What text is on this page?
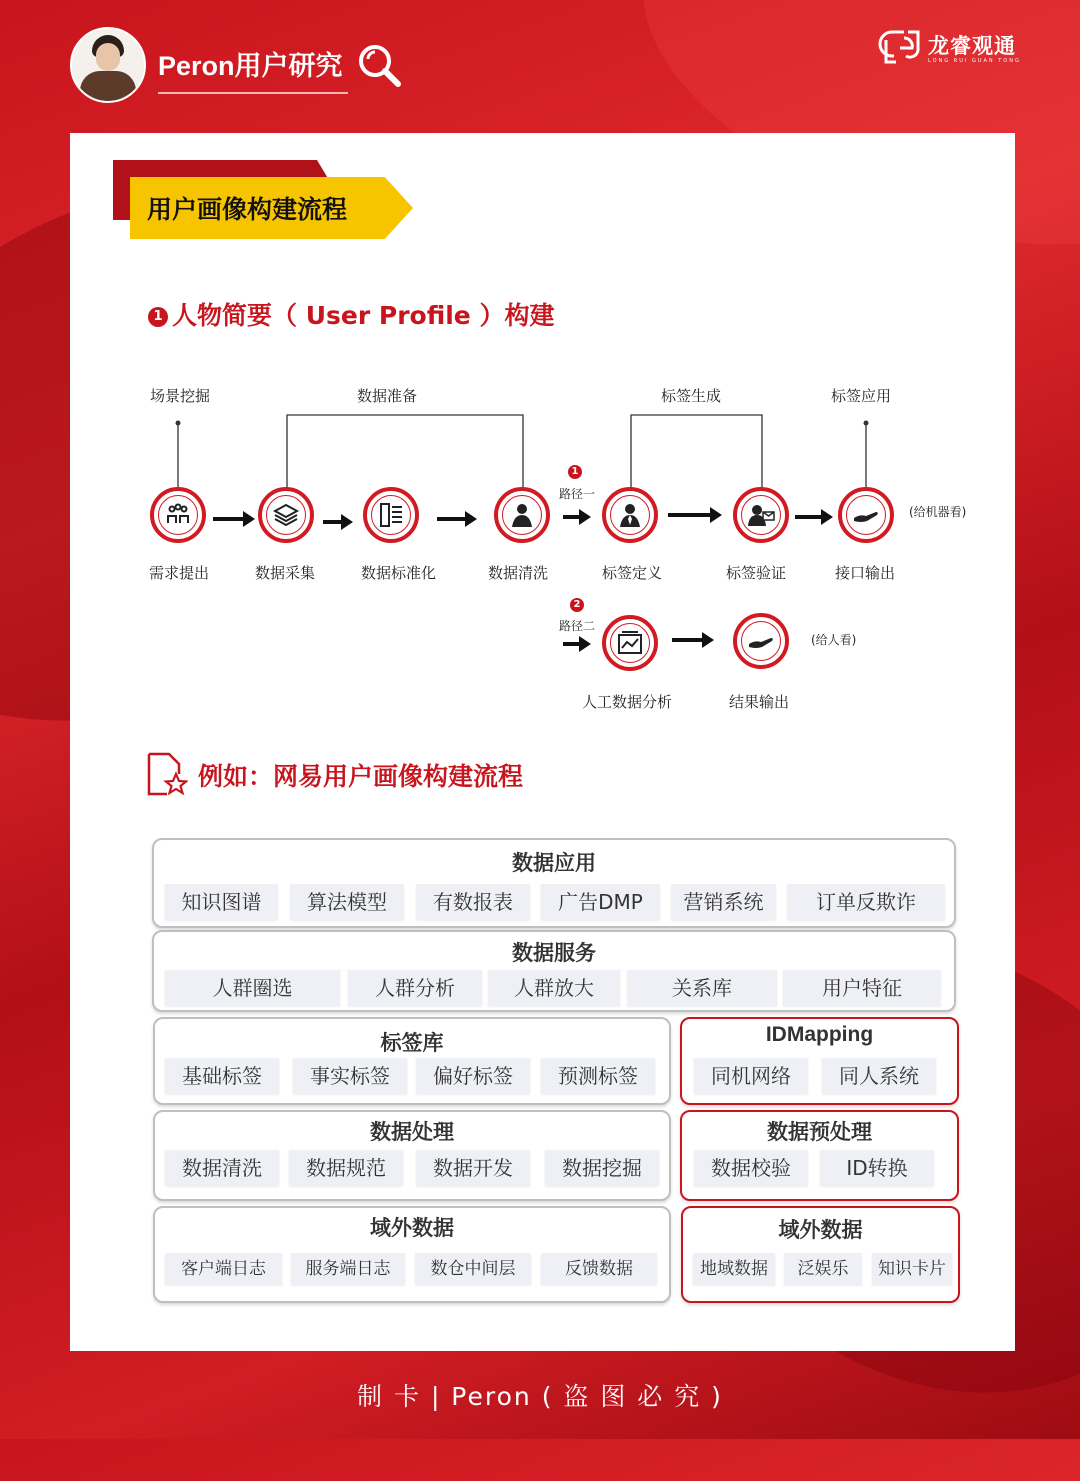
Peron用户研究
龙睿观通
LONG RUI GUAN TONG
用户画像构建流程
1 人物简要（ User Profile ）构建
场景挖掘	数据准备	标签生成	标签应用
1
路径一
(给机器看)
需求提出	数据采集	数据标准化	数据清洗	标签定义	标签验证	接口输出
2
路径二
(给人看)
人工数据分析	结果输出
例如：网易用户画像构建流程
数据应用
知识图谱	算法模型	有数报表	广告DMP	营销系统	订单反欺诈
数据服务
人群圈选	人群分析	人群放大	关系库	用户特征
标签库
基础标签	事实标签	偏好标签	预测标签
IDMapping
同机网络	同人系统
数据处理
数据清洗	数据规范	数据开发	数据挖掘
数据预处理
数据校验	ID转换
域外数据
客户端日志	服务端日志	数仓中间层	反馈数据
域外数据
地域数据	泛娱乐	知识卡片
制 卡 | Peron ( 盗 图 必 究 )
